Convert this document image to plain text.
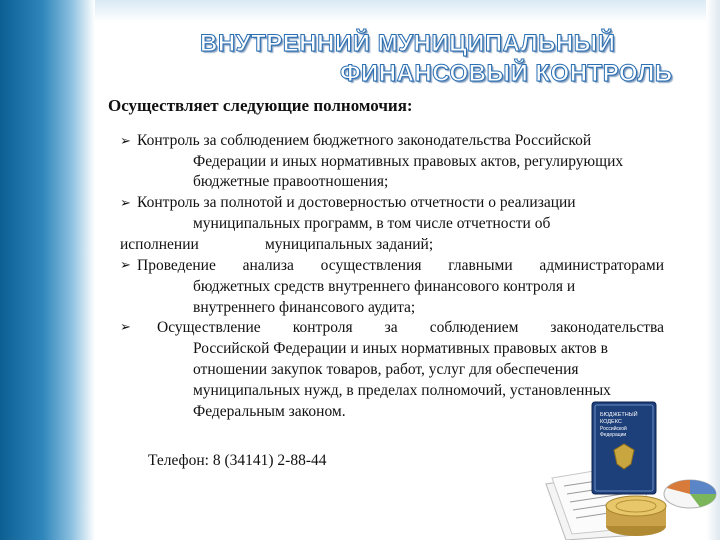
ВНУТРЕННИЙ МУНИЦИПАЛЬНЫЙ
ФИНАНСОВЫЙ КОНТРОЛЬ
Осуществляет следующие полномочия:
➢ Контроль за соблюдением бюджетного законодательства Российской
Федерации и иных нормативных правовых актов, регулирующих
бюджетные правоотношения;
➢ Контроль за полнотой и достоверностью отчетности о реализации
муниципальных программ, в том числе отчетности об
исполнении	муниципальных заданий;
➢ Проведение анализа осуществления главными администраторами
бюджетных средств внутреннего финансового контроля и
внутреннего финансового аудита;
➢	Осуществление контроля за соблюдением законодательства
Российской Федерации и иных нормативных правовых актов в
отношении закупок товаров, работ, услуг для обеспечения
муниципальных нужд, в пределах полномочий, установленных
Федеральным законом.
Телефон: 8 (34141) 2-88-44
БЮДЖЕТНЫЙ
КОДЕКС
Российской
Федерации
